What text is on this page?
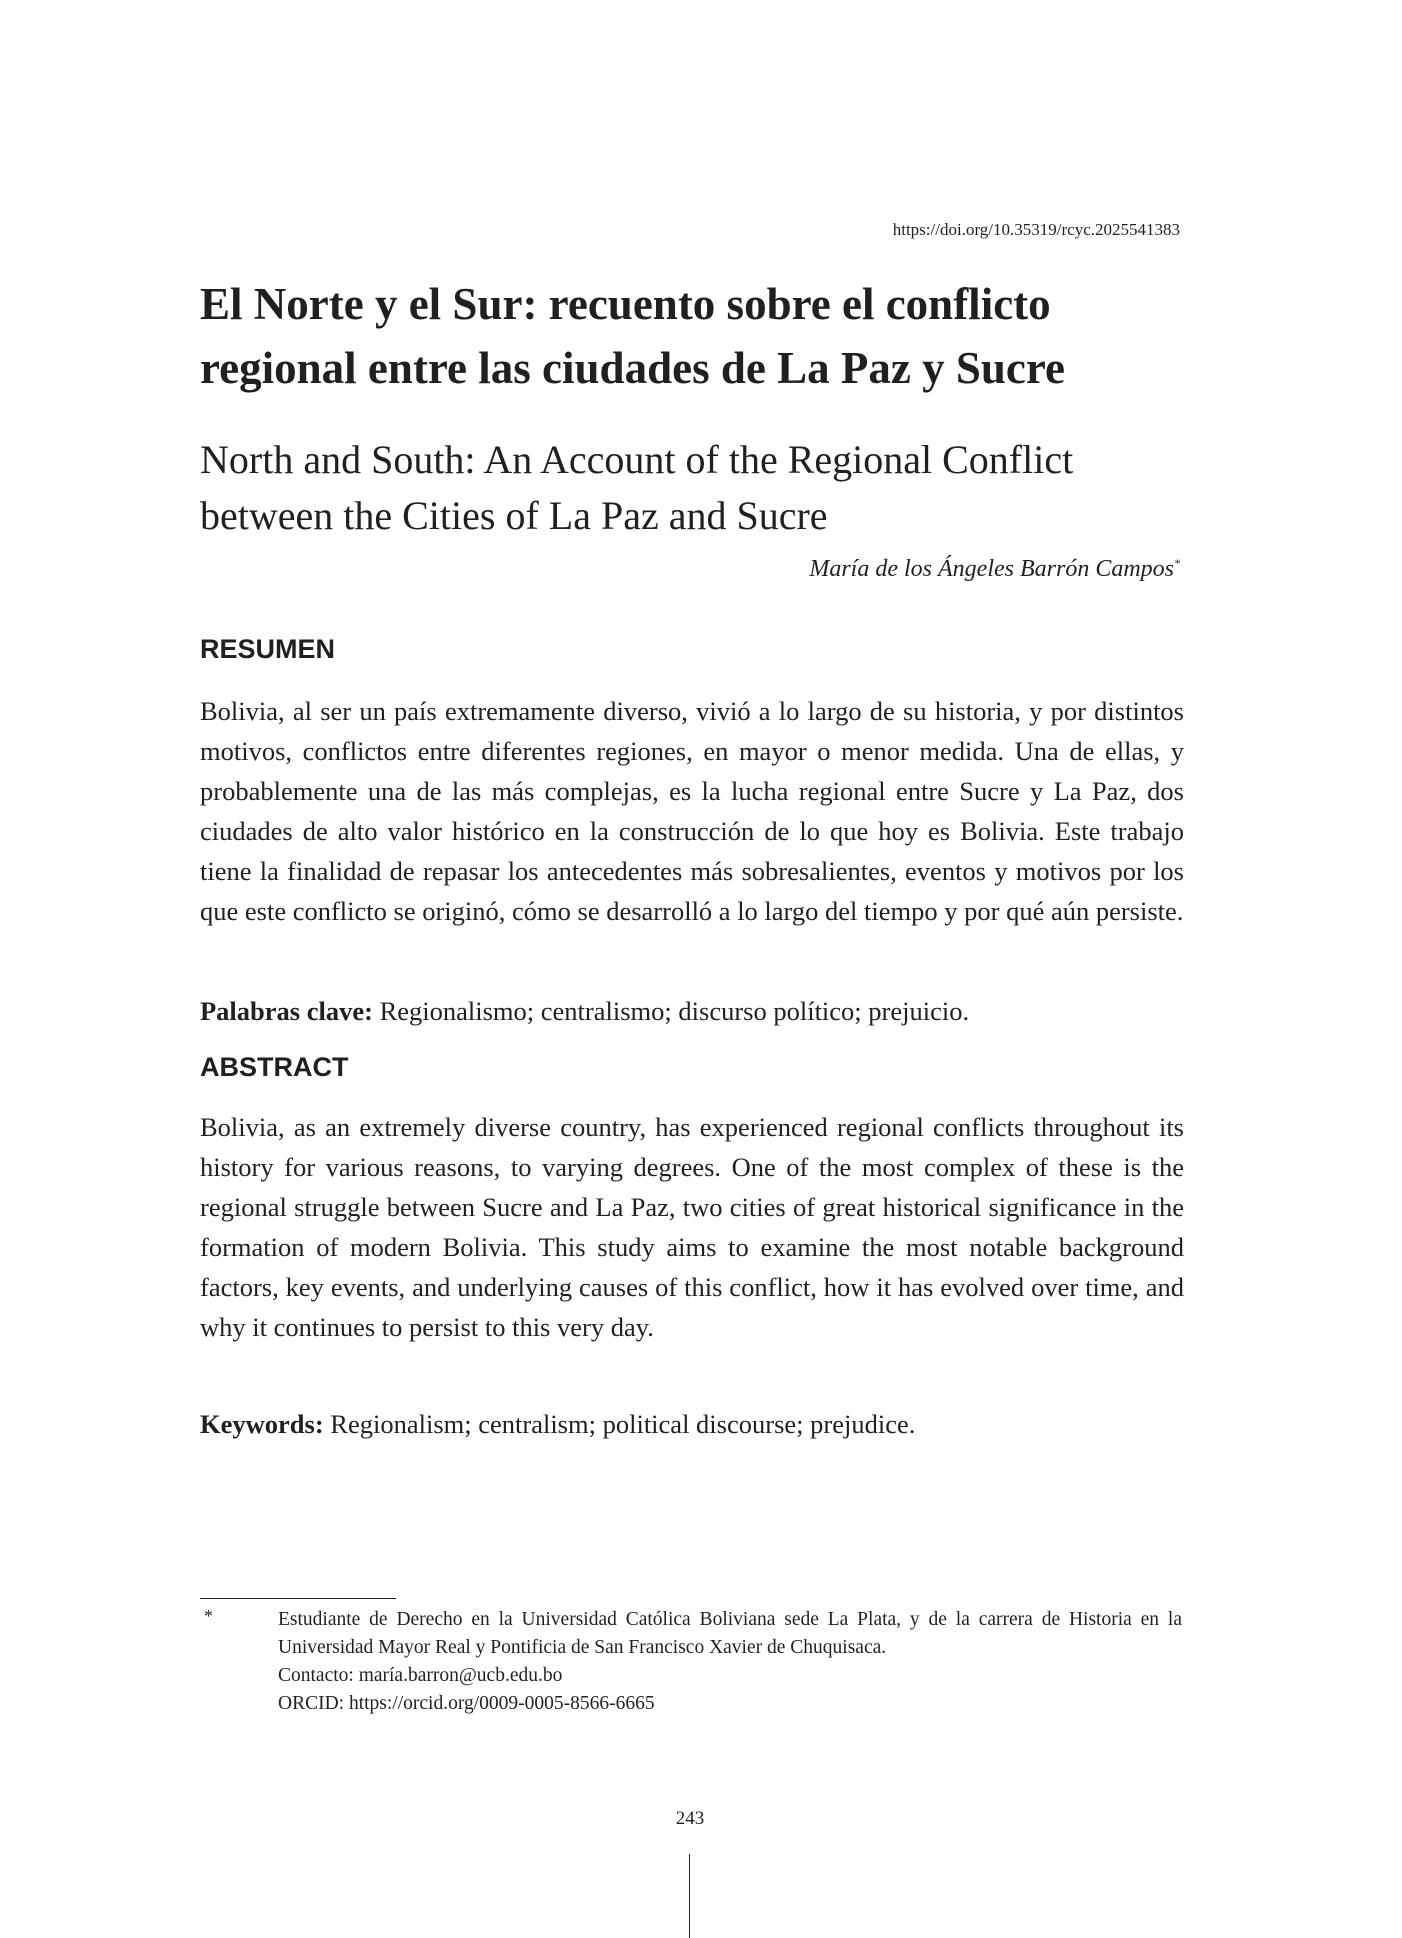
https://doi.org/10.35319/rcyc.2025541383
El Norte y el Sur: recuento sobre el conflicto regional entre las ciudades de La Paz y Sucre
North and South: An Account of the Regional Conflict between the Cities of La Paz and Sucre
María de los Ángeles Barrón Campos*
RESUMEN
Bolivia, al ser un país extremamente diverso, vivió a lo largo de su historia, y por distintos motivos, conflictos entre diferentes regiones, en mayor o menor medida. Una de ellas, y probablemente una de las más complejas, es la lucha regional entre Sucre y La Paz, dos ciudades de alto valor histórico en la construcción de lo que hoy es Bolivia. Este trabajo tiene la finalidad de repasar los antecedentes más sobresalientes, eventos y motivos por los que este conflicto se originó, cómo se desarrolló a lo largo del tiempo y por qué aún persiste.
Palabras clave: Regionalismo; centralismo; discurso político; prejuicio.
ABSTRACT
Bolivia, as an extremely diverse country, has experienced regional conflicts throughout its history for various reasons, to varying degrees. One of the most complex of these is the regional struggle between Sucre and La Paz, two cities of great historical significance in the formation of modern Bolivia. This study aims to examine the most notable background factors, key events, and underlying causes of this conflict, how it has evolved over time, and why it continues to persist to this very day.
Keywords: Regionalism; centralism; political discourse; prejudice.
*	Estudiante de Derecho en la Universidad Católica Boliviana sede La Plata, y de la carrera de Historia en la Universidad Mayor Real y Pontificia de San Francisco Xavier de Chuquisaca.
Contacto: maría.barron@ucb.edu.bo
ORCID: https://orcid.org/0009-0005-8566-6665
243
